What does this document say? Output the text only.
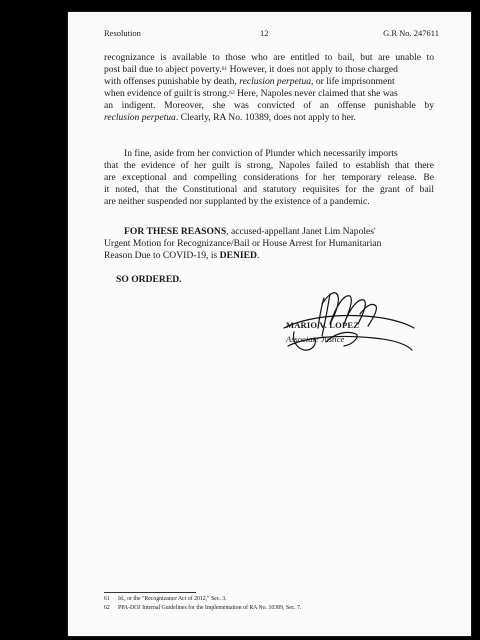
Resolution	12	G.R No. 247611
recognizance is available to those who are entitled to bail, but are unable to
post bail due to abject poverty.$^{61}$ However, it does not apply to those charged
with offenses punishable by death, reclusion perpetua, or life imprisonment
when evidence of guilt is strong.$^{62}$ Here, Napoles never claimed that she was
an indigent. Moreover, she was convicted of an offense punishable by
reclusion perpetua. Clearly, RA No. 10389, does not apply to her.
In fine, aside from her conviction of Plunder which necessarily imports
that the evidence of her guilt is strong, Napoles failed to establish that there
are exceptional and compelling considerations for her temporary release. Be
it noted, that the Constitutional and statutory requisites for the grant of bail
are neither suspended nor supplanted by the existence of a pandemic.
FOR THESE REASONS, accused-appellant Janet Lim Napoles'
Urgent Motion for Recognizance/Bail or House Arrest for Humanitarian
Reason Due to COVID-19, is DENIED.
SO ORDERED.
MARIO V. LOPEZ
Associate Justice
61 Id., or the "Recognizance Act of 2012," Sec. 3.
62 PPA-DOJ Internal Guidelines for the Implementation of RA No. 10389, Sec. 7.
